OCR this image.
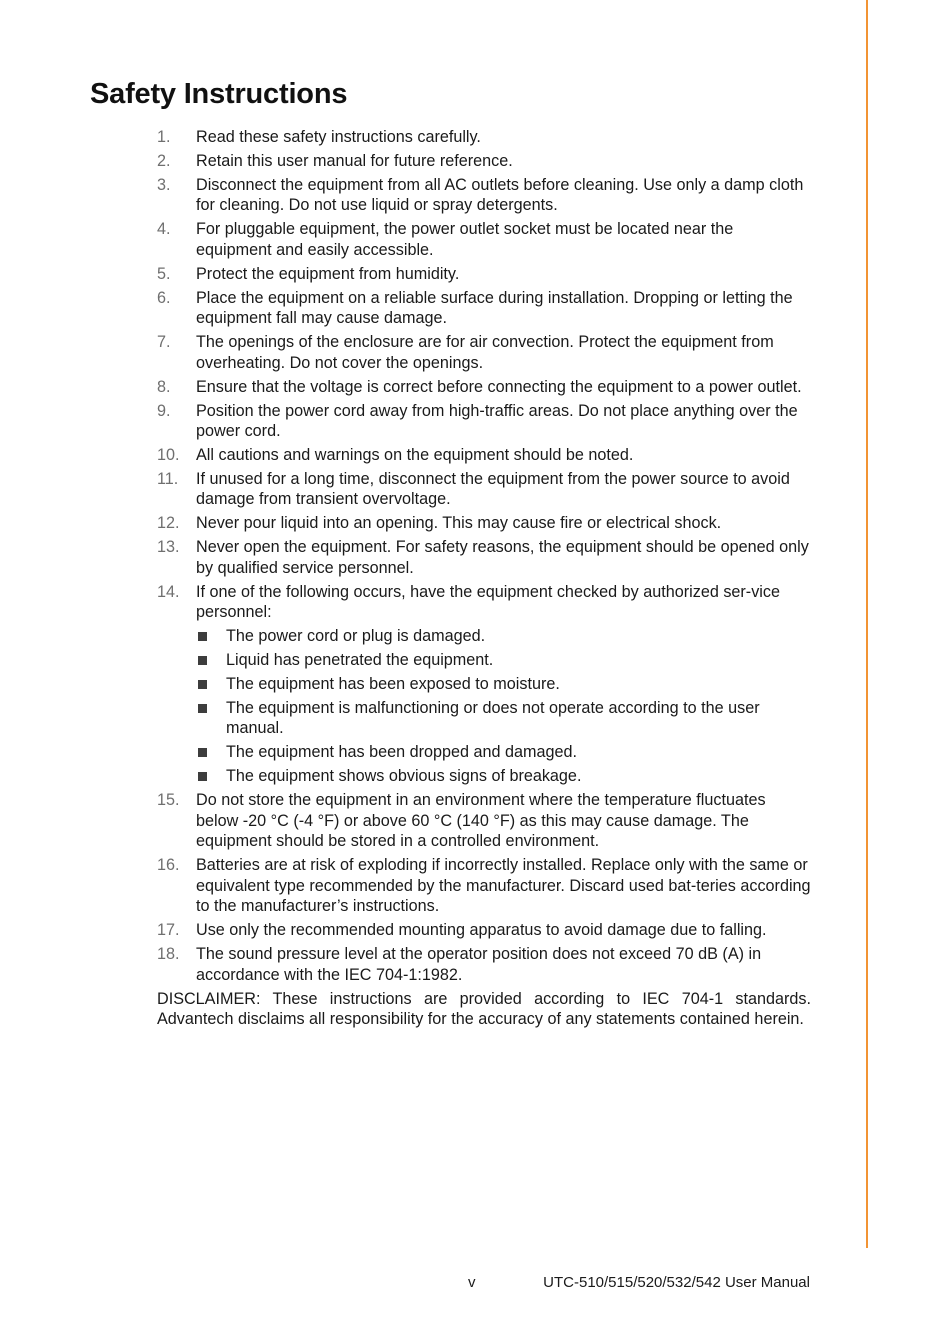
Safety Instructions
1. Read these safety instructions carefully.
2. Retain this user manual for future reference.
3. Disconnect the equipment from all AC outlets before cleaning. Use only a damp cloth for cleaning. Do not use liquid or spray detergents.
4. For pluggable equipment, the power outlet socket must be located near the equipment and easily accessible.
5. Protect the equipment from humidity.
6. Place the equipment on a reliable surface during installation. Dropping or letting the equipment fall may cause damage.
7. The openings of the enclosure are for air convection. Protect the equipment from overheating. Do not cover the openings.
8. Ensure that the voltage is correct before connecting the equipment to a power outlet.
9. Position the power cord away from high-traffic areas. Do not place anything over the power cord.
10. All cautions and warnings on the equipment should be noted.
11. If unused for a long time, disconnect the equipment from the power source to avoid damage from transient overvoltage.
12. Never pour liquid into an opening. This may cause fire or electrical shock.
13. Never open the equipment. For safety reasons, the equipment should be opened only by qualified service personnel.
14. If one of the following occurs, have the equipment checked by authorized ser-vice personnel:
The power cord or plug is damaged.
Liquid has penetrated the equipment.
The equipment has been exposed to moisture.
The equipment is malfunctioning or does not operate according to the user manual.
The equipment has been dropped and damaged.
The equipment shows obvious signs of breakage.
15. Do not store the equipment in an environment where the temperature fluctuates below -20 °C (-4 °F) or above 60 °C (140 °F) as this may cause damage. The equipment should be stored in a controlled environment.
16. Batteries are at risk of exploding if incorrectly installed. Replace only with the same or equivalent type recommended by the manufacturer. Discard used bat-teries according to the manufacturer’s instructions.
17. Use only the recommended mounting apparatus to avoid damage due to falling.
18. The sound pressure level at the operator position does not exceed 70 dB (A) in accordance with the IEC 704-1:1982.

DISCLAIMER: These instructions are provided according to IEC 704-1 standards. Advantech disclaims all responsibility for the accuracy of any statements contained herein.

v	UTC-510/515/520/532/542 User Manual
